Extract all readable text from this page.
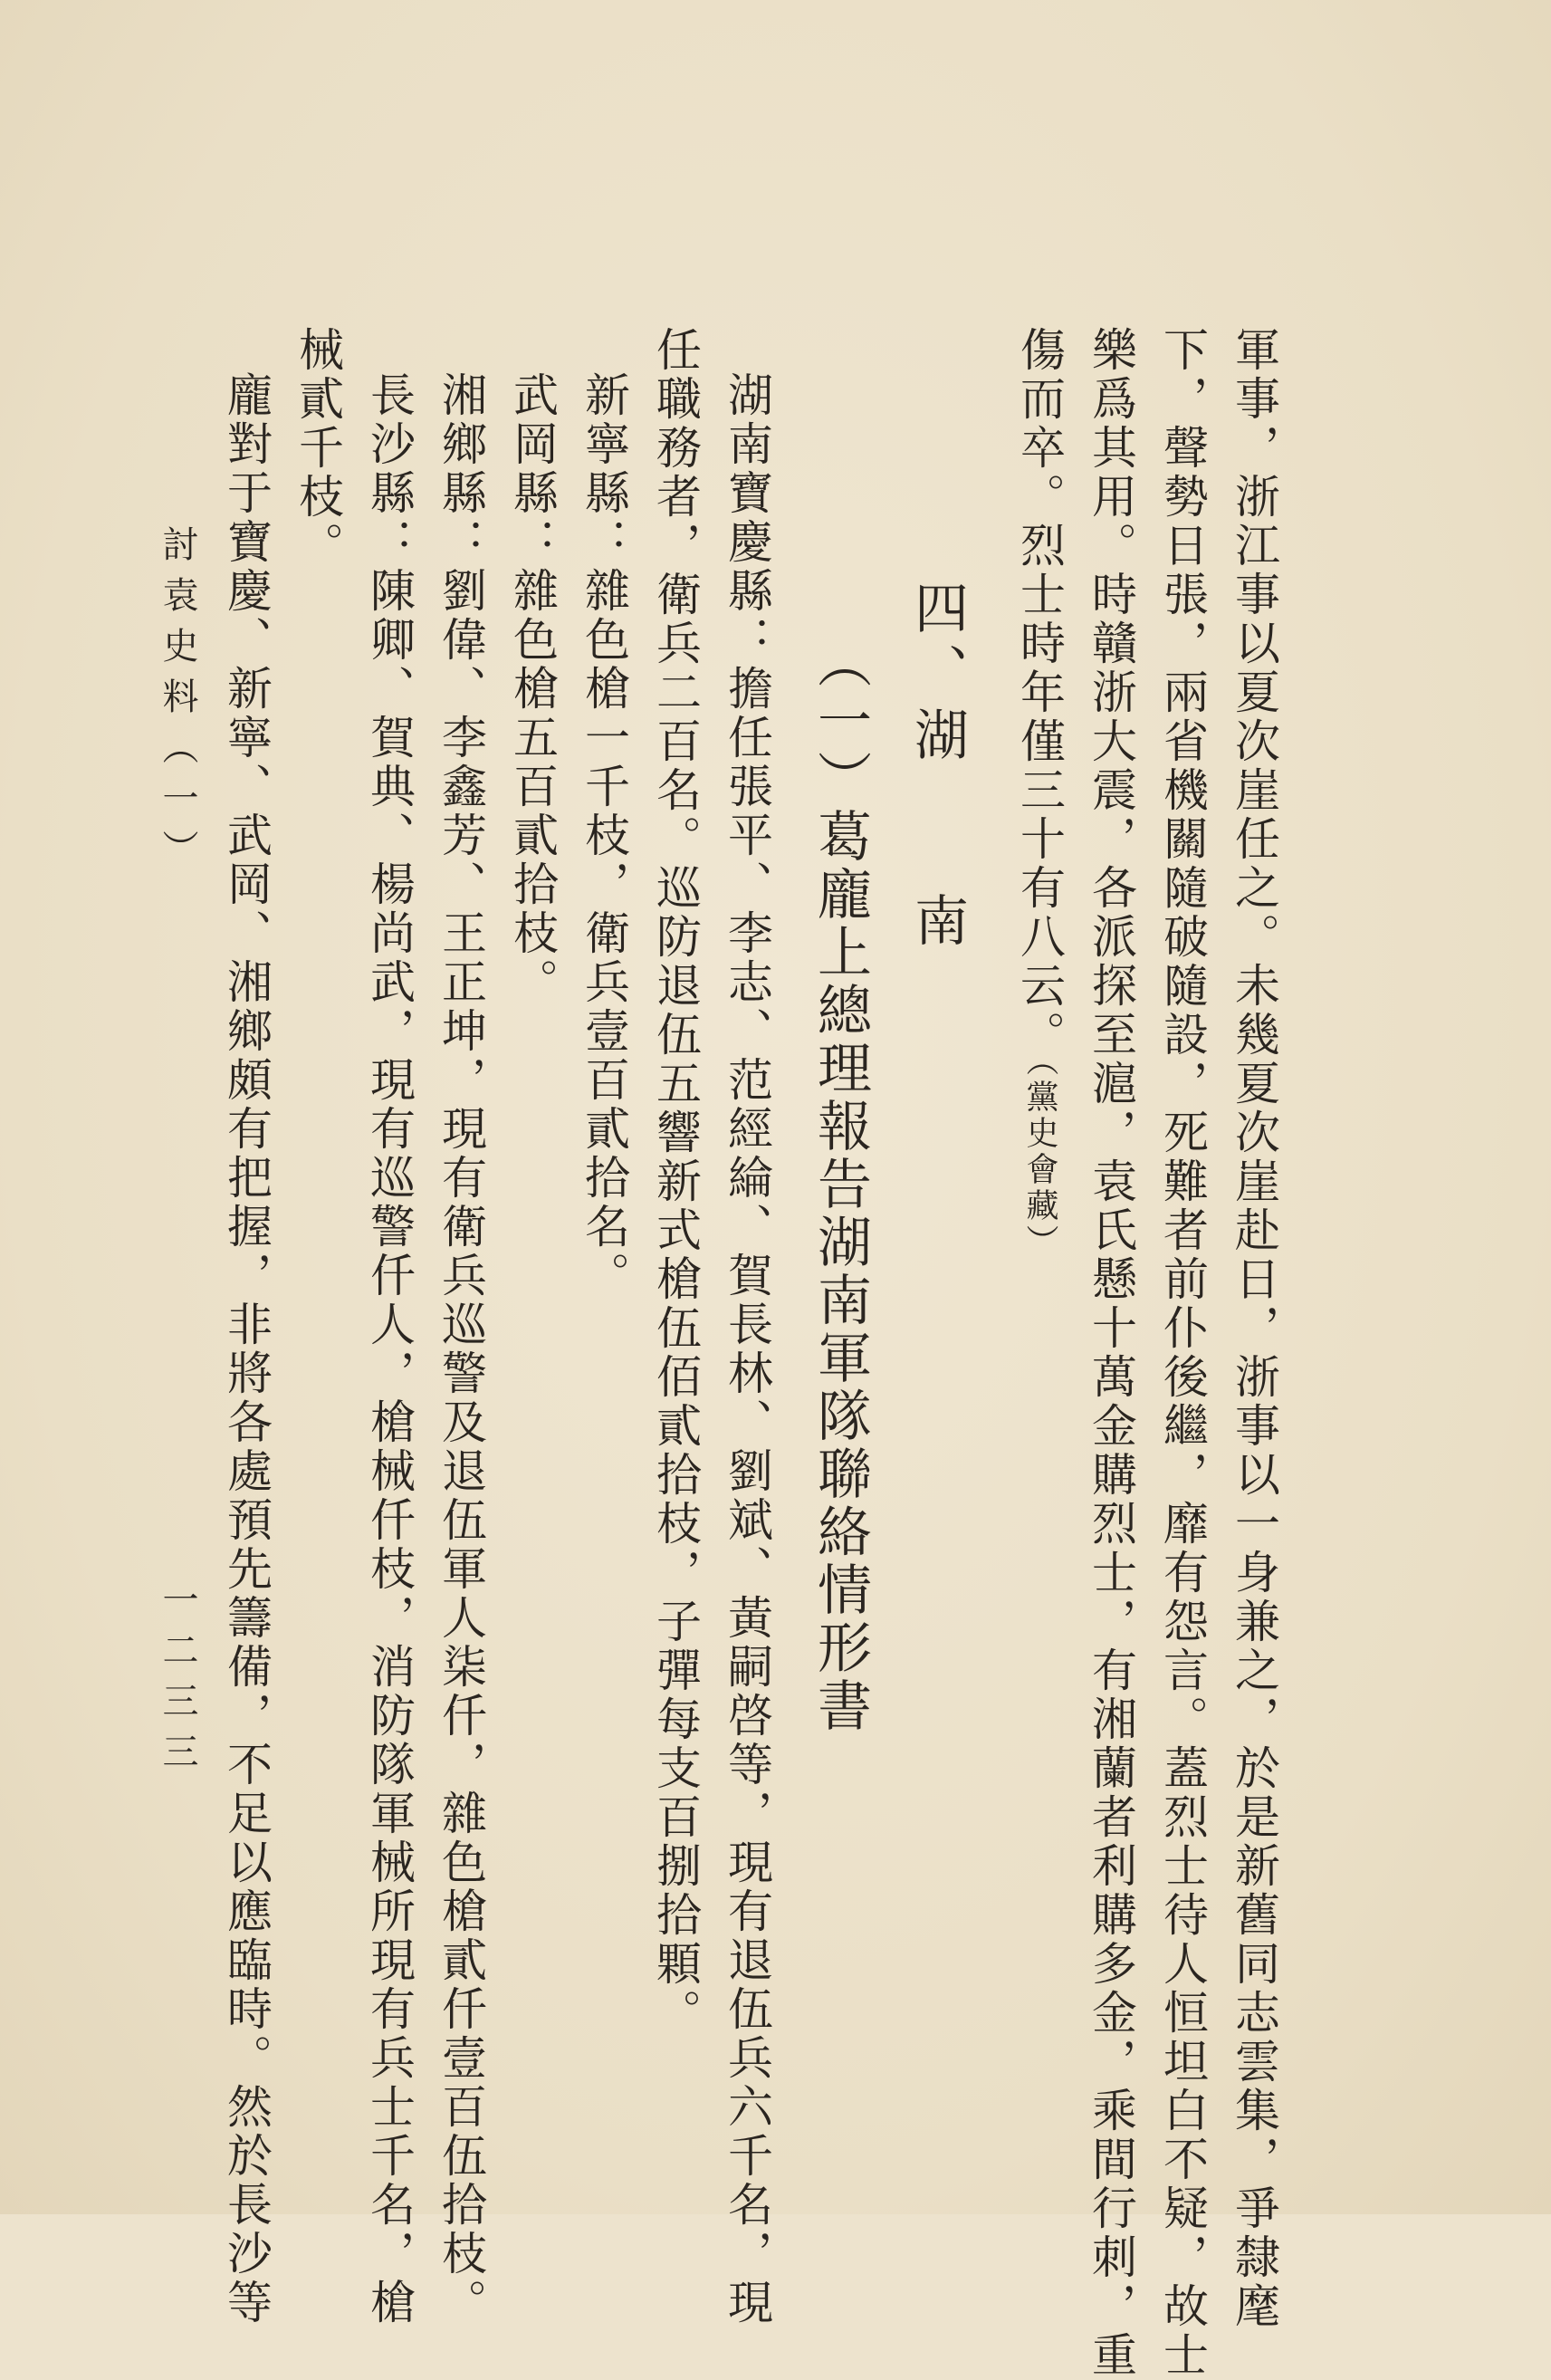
軍事，浙江事以夏次崖任之。未幾夏次崖赴日，浙事以一身兼之，於是新舊同志雲集，爭隸麾
下，聲勢日張，兩省機關隨破隨設，死難者前仆後繼，靡有怨言。蓋烈士待人恒坦白不疑，故士
樂爲其用。時贛浙大震，各派探至滬，袁氏懸十萬金購烈士，有湘蘭者利購多金，乘間行刺，重
傷而卒。烈士時年僅三十有八云。（黨史會藏）
四、湖
南
（一）葛龐上總理報告湖南軍隊聯絡情形書
湖南寶慶縣：擔任張平、李志、范經綸、賀長林、劉斌、黃嗣啓等，現有退伍兵六千名，現
任職務者，衛兵二百名。巡防退伍五響新式槍伍佰貳拾枝，子彈每支百捌拾顆。
新寧縣：雜色槍一千枝，衛兵壹百貳拾名。
武岡縣：雜色槍五百貳拾枝。
湘鄉縣：劉偉、李鑫芳、王正坤，現有衛兵巡警及退伍軍人柒仟，雜色槍貳仟壹百伍拾枝。
長沙縣：陳卿、賀典、楊尚武，現有巡警仟人，槍械仟枝，消防隊軍械所現有兵士千名，槍
械貳千枝。
龐對于寶慶、新寧、武岡、湘鄉頗有把握，非將各處預先籌備，不足以應臨時。然於長沙等
討袁史料（一）
一二三三
